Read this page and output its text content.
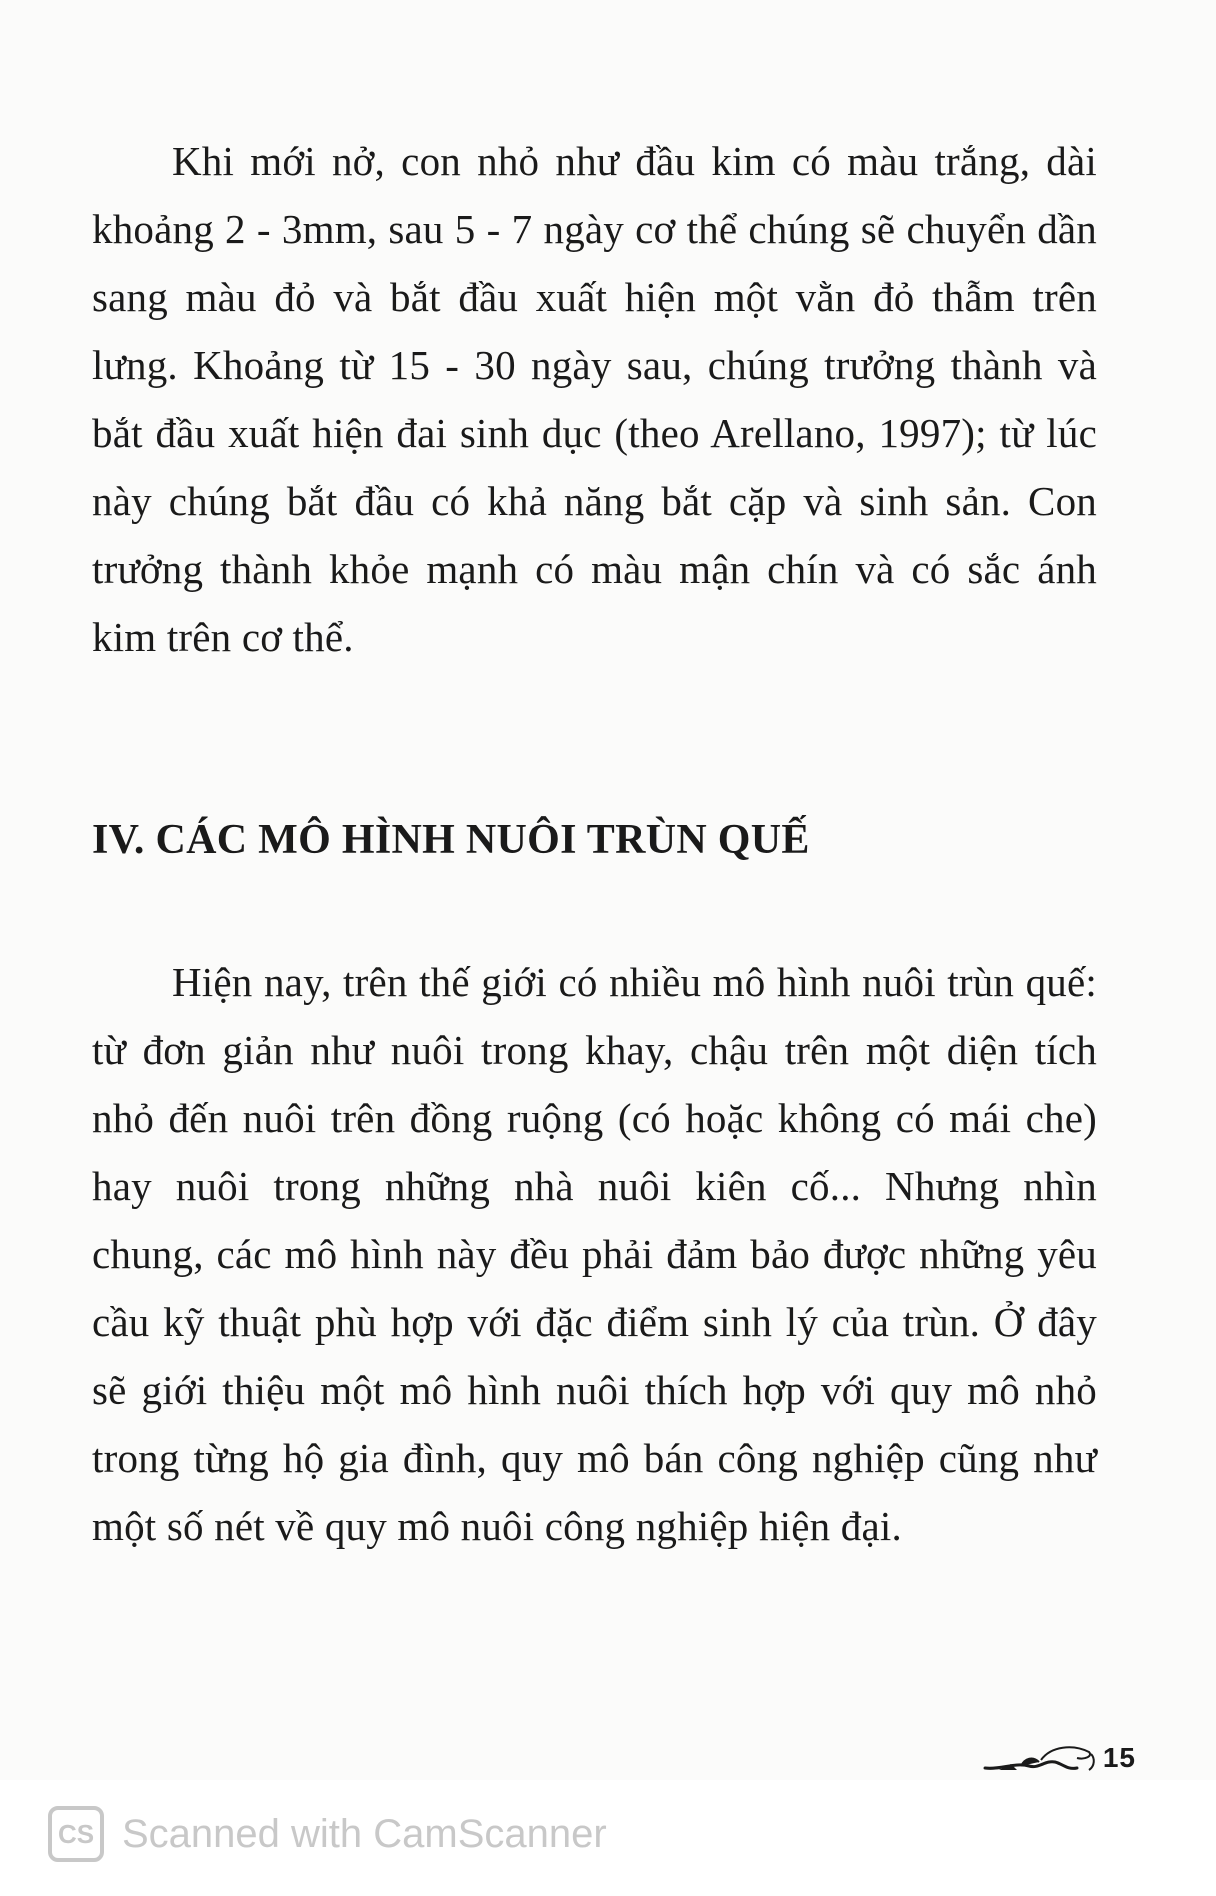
Khi mới nở, con nhỏ như đầu kim có màu trắng, dài khoảng 2 - 3mm, sau 5 - 7 ngày cơ thể chúng sẽ chuyển dần sang màu đỏ và bắt đầu xuất hiện một vằn đỏ thẫm trên lưng. Khoảng từ 15 - 30 ngày sau, chúng trưởng thành và bắt đầu xuất hiện đai sinh dục (theo Arellano, 1997); từ lúc này chúng bắt đầu có khả năng bắt cặp và sinh sản. Con trưởng thành khỏe mạnh có màu mận chín và có sắc ánh kim trên cơ thể.

IV. CÁC MÔ HÌNH NUÔI TRÙN QUẾ

Hiện nay, trên thế giới có nhiều mô hình nuôi trùn quế: từ đơn giản như nuôi trong khay, chậu trên một diện tích nhỏ đến nuôi trên đồng ruộng (có hoặc không có mái che) hay nuôi trong những nhà nuôi kiên cố... Nhưng nhìn chung, các mô hình này đều phải đảm bảo được những yêu cầu kỹ thuật phù hợp với đặc điểm sinh lý của trùn. Ở đây sẽ giới thiệu một mô hình nuôi thích hợp với quy mô nhỏ trong từng hộ gia đình, quy mô bán công nghiệp cũng như một số nét về quy mô nuôi công nghiệp hiện đại.

15
CS Scanned with CamScanner
